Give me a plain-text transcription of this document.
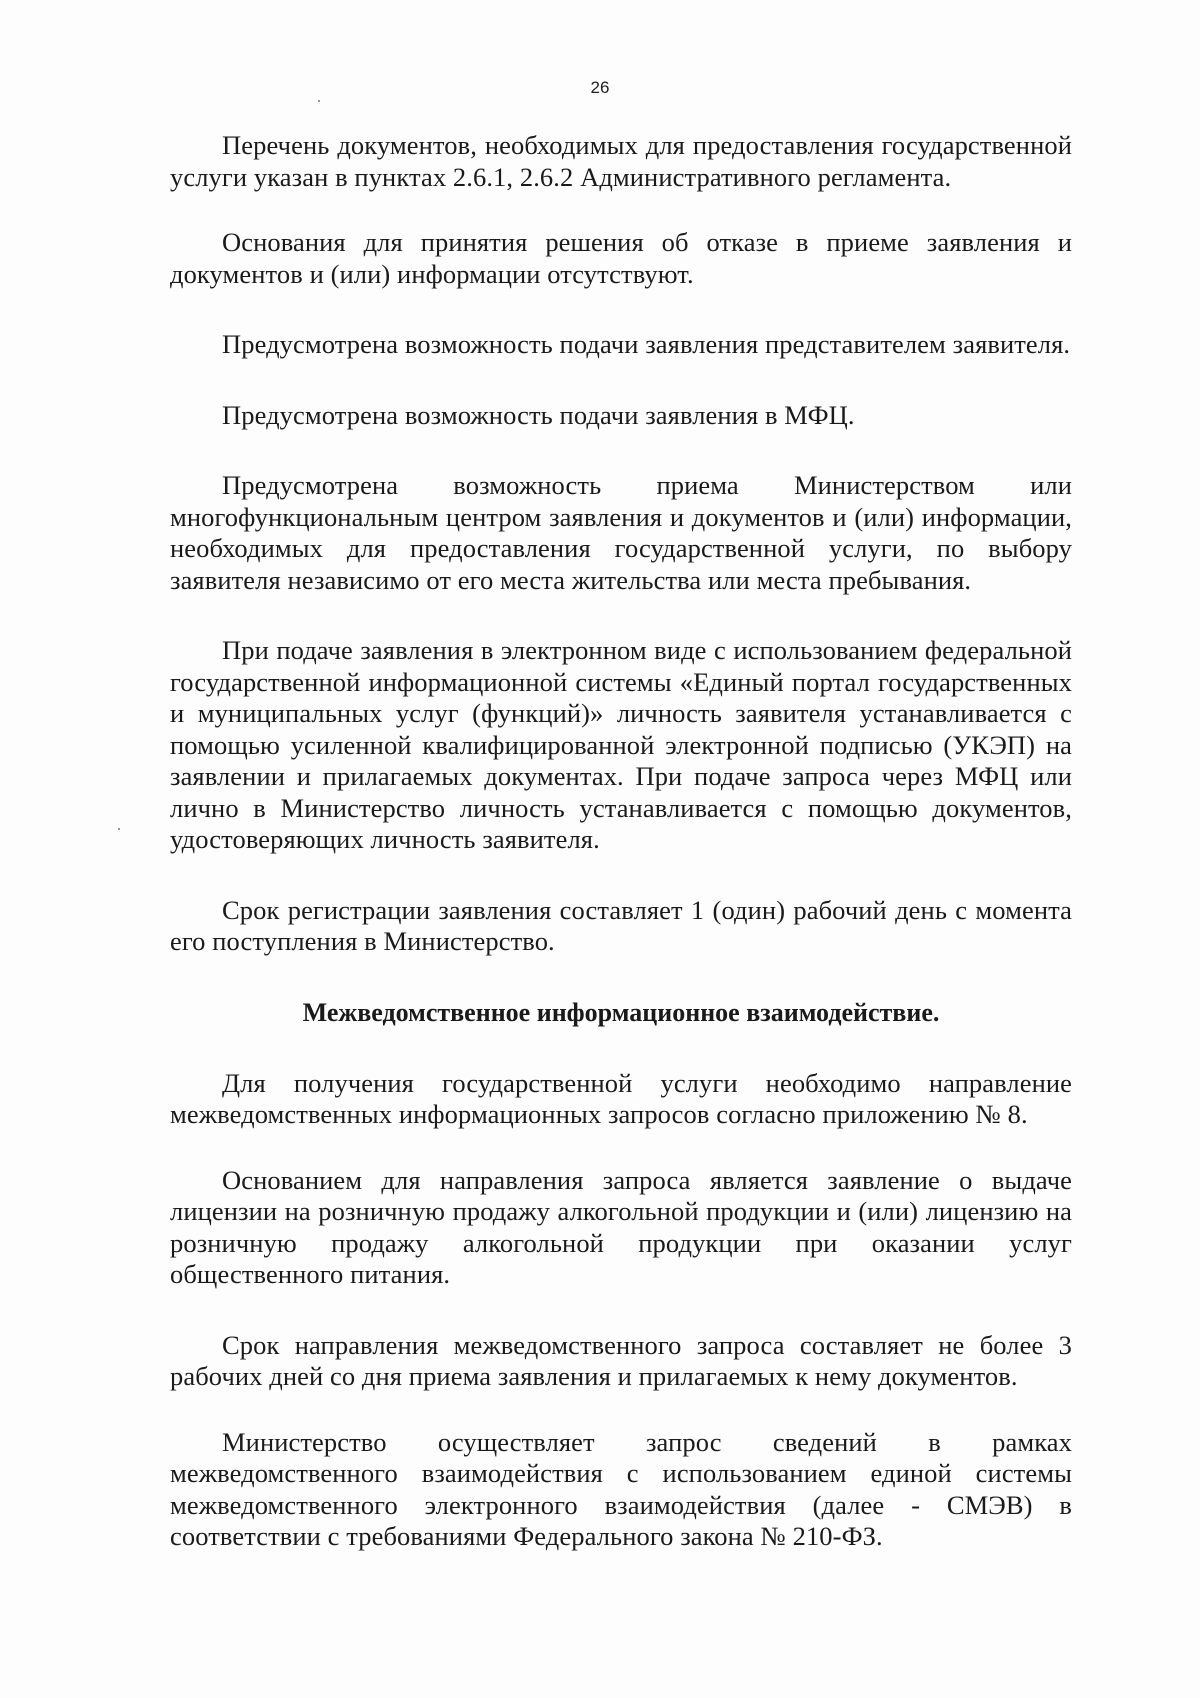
26

Перечень документов, необходимых для предоставления государственной услуги указан в пунктах 2.6.1, 2.6.2 Административного регламента.

Основания для принятия решения об отказе в приеме заявления и документов и (или) информации отсутствуют.

Предусмотрена возможность подачи заявления представителем заявителя.

Предусмотрена возможность подачи заявления в МФЦ.

Предусмотрена возможность приема Министерством или многофункциональным центром заявления и документов и (или) информации, необходимых для предоставления государственной услуги, по выбору заявителя независимо от его места жительства или места пребывания.

При подаче заявления в электронном виде с использованием федеральной государственной информационной системы «Единый портал государственных и муниципальных услуг (функций)» личность заявителя устанавливается с помощью усиленной квалифицированной электронной подписью (УКЭП) на заявлении и прилагаемых документах. При подаче запроса через МФЦ или лично в Министерство личность устанавливается с помощью документов, удостоверяющих личность заявителя.

Срок регистрации заявления составляет 1 (один) рабочий день с момента его поступления в Министерство.

Межведомственное информационное взаимодействие.

Для получения государственной услуги необходимо направление межведомственных информационных запросов согласно приложению № 8.

Основанием для направления запроса является заявление о выдаче лицензии на розничную продажу алкогольной продукции и (или) лицензию на розничную продажу алкогольной продукции при оказании услуг общественного питания.

Срок направления межведомственного запроса составляет не более 3 рабочих дней со дня приема заявления и прилагаемых к нему документов.

Министерство осуществляет запрос сведений в рамках межведомственного взаимодействия с использованием единой системы межведомственного электронного взаимодействия (далее - СМЭВ) в соответствии с требованиями Федерального закона № 210-ФЗ.
